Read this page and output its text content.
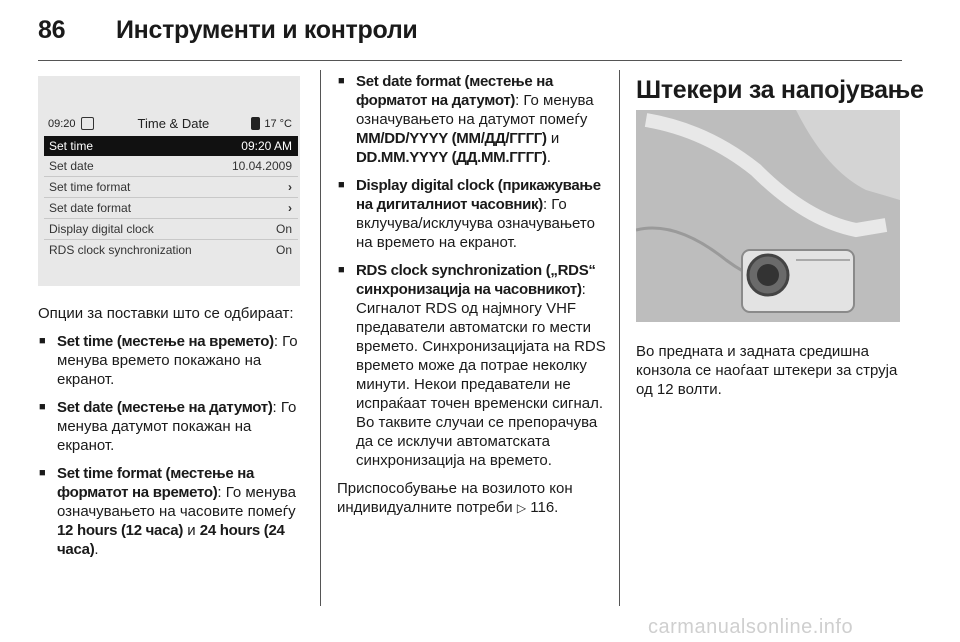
86 Инструменти и контроли
09:20	Time & Date	17 °C
Set time	09:20 AM
Set date	10.04.2009
Set time format	›
Set date format	›
Display digital clock	On
RDS clock synchronization	On

Опции за поставки што се одбираат:

■ Set time (местење на времето): Го менува времето покажано на екранот.
■ Set date (местење на датумот): Го менува датумот покажан на екранот.
■ Set time format (местење на форматот на времето): Го менува означувањето на часовите помеѓу 12 hours (12 часа) и 24 hours (24 часа).
■ Set date format (местење на форматот на датумот): Го менува означувањето на датумот помеѓу MM/DD/YYYY (ММ/ДД/ГГГГ) и DD.MM.YYYY (ДД.ММ.ГГГГ).
■ Display digital clock (прикажување на дигиталниот часовник): Го вклучува/исклучува означувањето на времето на екранот.
■ RDS clock synchronization („RDS“ синхронизација на часовникот): Сигналот RDS од најмногу VHF предаватели автоматски го мести времето. Синхронизацијата на RDS времето може да потрае неколку минути. Некои предаватели не испраќаат точен временски сигнал. Во таквите случаи се препорачува да се исклучи автоматската синхронизација на времето.

Приспособување на возилото кон индивидуалните потреби ▷ 116.

Штекери за напојување
Во предната и задната средишна конзола се наоѓаат штекери за струја од 12 волти.
carmanualsonline.info
